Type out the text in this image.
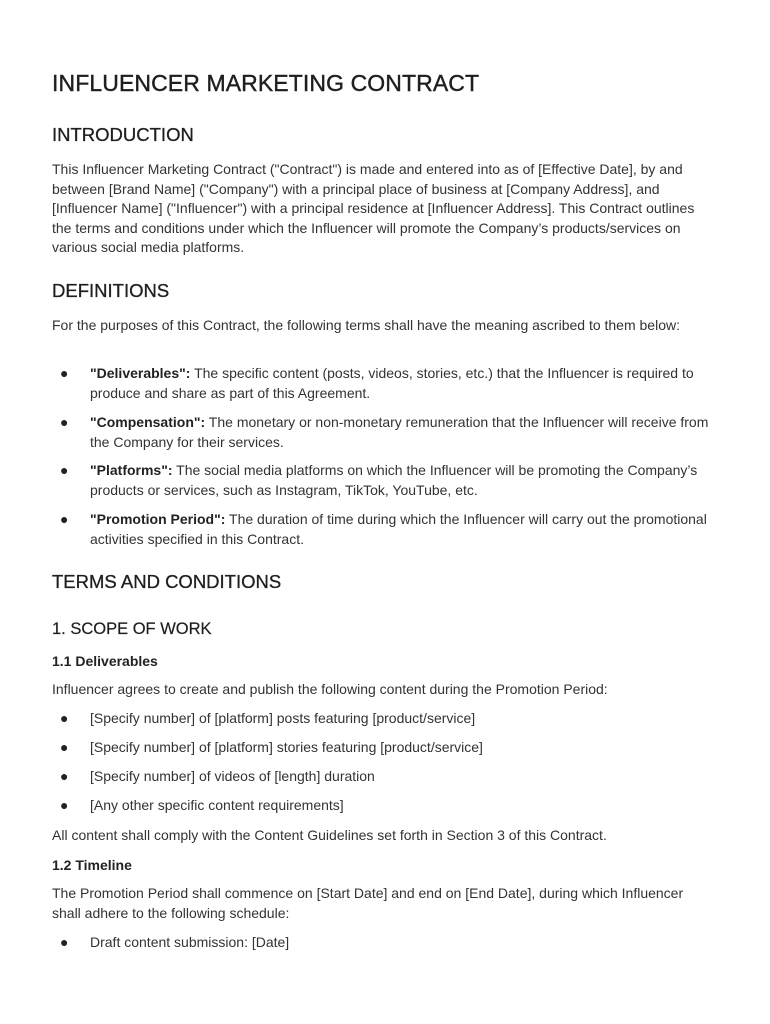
INFLUENCER MARKETING CONTRACT
INTRODUCTION

This Influencer Marketing Contract ("Contract") is made and entered into as of [Effective Date], by and between [Brand Name] ("Company") with a principal place of business at [Company Address], and [Influencer Name] ("Influencer") with a principal residence at [Influencer Address]. This Contract outlines the terms and conditions under which the Influencer will promote the Company’s products/services on various social media platforms.

DEFINITIONS

For the purposes of this Contract, the following terms shall have the meaning ascribed to them below:

● "Deliverables": The specific content (posts, videos, stories, etc.) that the Influencer is required to produce and share as part of this Agreement.
● "Compensation": The monetary or non-monetary remuneration that the Influencer will receive from the Company for their services.
● "Platforms": The social media platforms on which the Influencer will be promoting the Company’s products or services, such as Instagram, TikTok, YouTube, etc.
● "Promotion Period": The duration of time during which the Influencer will carry out the promotional activities specified in this Contract.
TERMS AND CONDITIONS
1. SCOPE OF WORK
1.1 Deliverables

Influencer agrees to create and publish the following content during the Promotion Period:

● [Specify number] of [platform] posts featuring [product/service]
● [Specify number] of [platform] stories featuring [product/service]
● [Specify number] of videos of [length] duration
● [Any other specific content requirements]

All content shall comply with the Content Guidelines set forth in Section 3 of this Contract.

1.2 Timeline

The Promotion Period shall commence on [Start Date] and end on [End Date], during which Influencer shall adhere to the following schedule:

● Draft content submission: [Date]
